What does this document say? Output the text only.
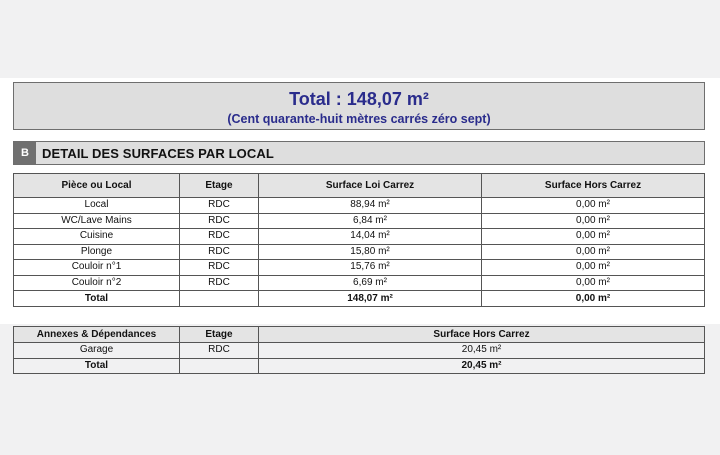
Total : 148,07 m²
(Cent quarante-huit mètres carrés zéro sept)
B	DETAIL DES SURFACES PAR LOCAL
Pièce ou Local	Etage	Surface Loi Carrez	Surface Hors Carrez
Local	RDC	88,94 m²	0,00 m²
WC/Lave Mains	RDC	6,84 m²	0,00 m²
Cuisine	RDC	14,04 m²	0,00 m²
Plonge	RDC	15,80 m²	0,00 m²
Couloir n°1	RDC	15,76 m²	0,00 m²
Couloir n°2	RDC	6,69 m²	0,00 m²
Total		148,07 m²	0,00 m²
Annexes & Dépendances	Etage	Surface Hors Carrez
Garage	RDC	20,45 m²
Total		20,45 m²
